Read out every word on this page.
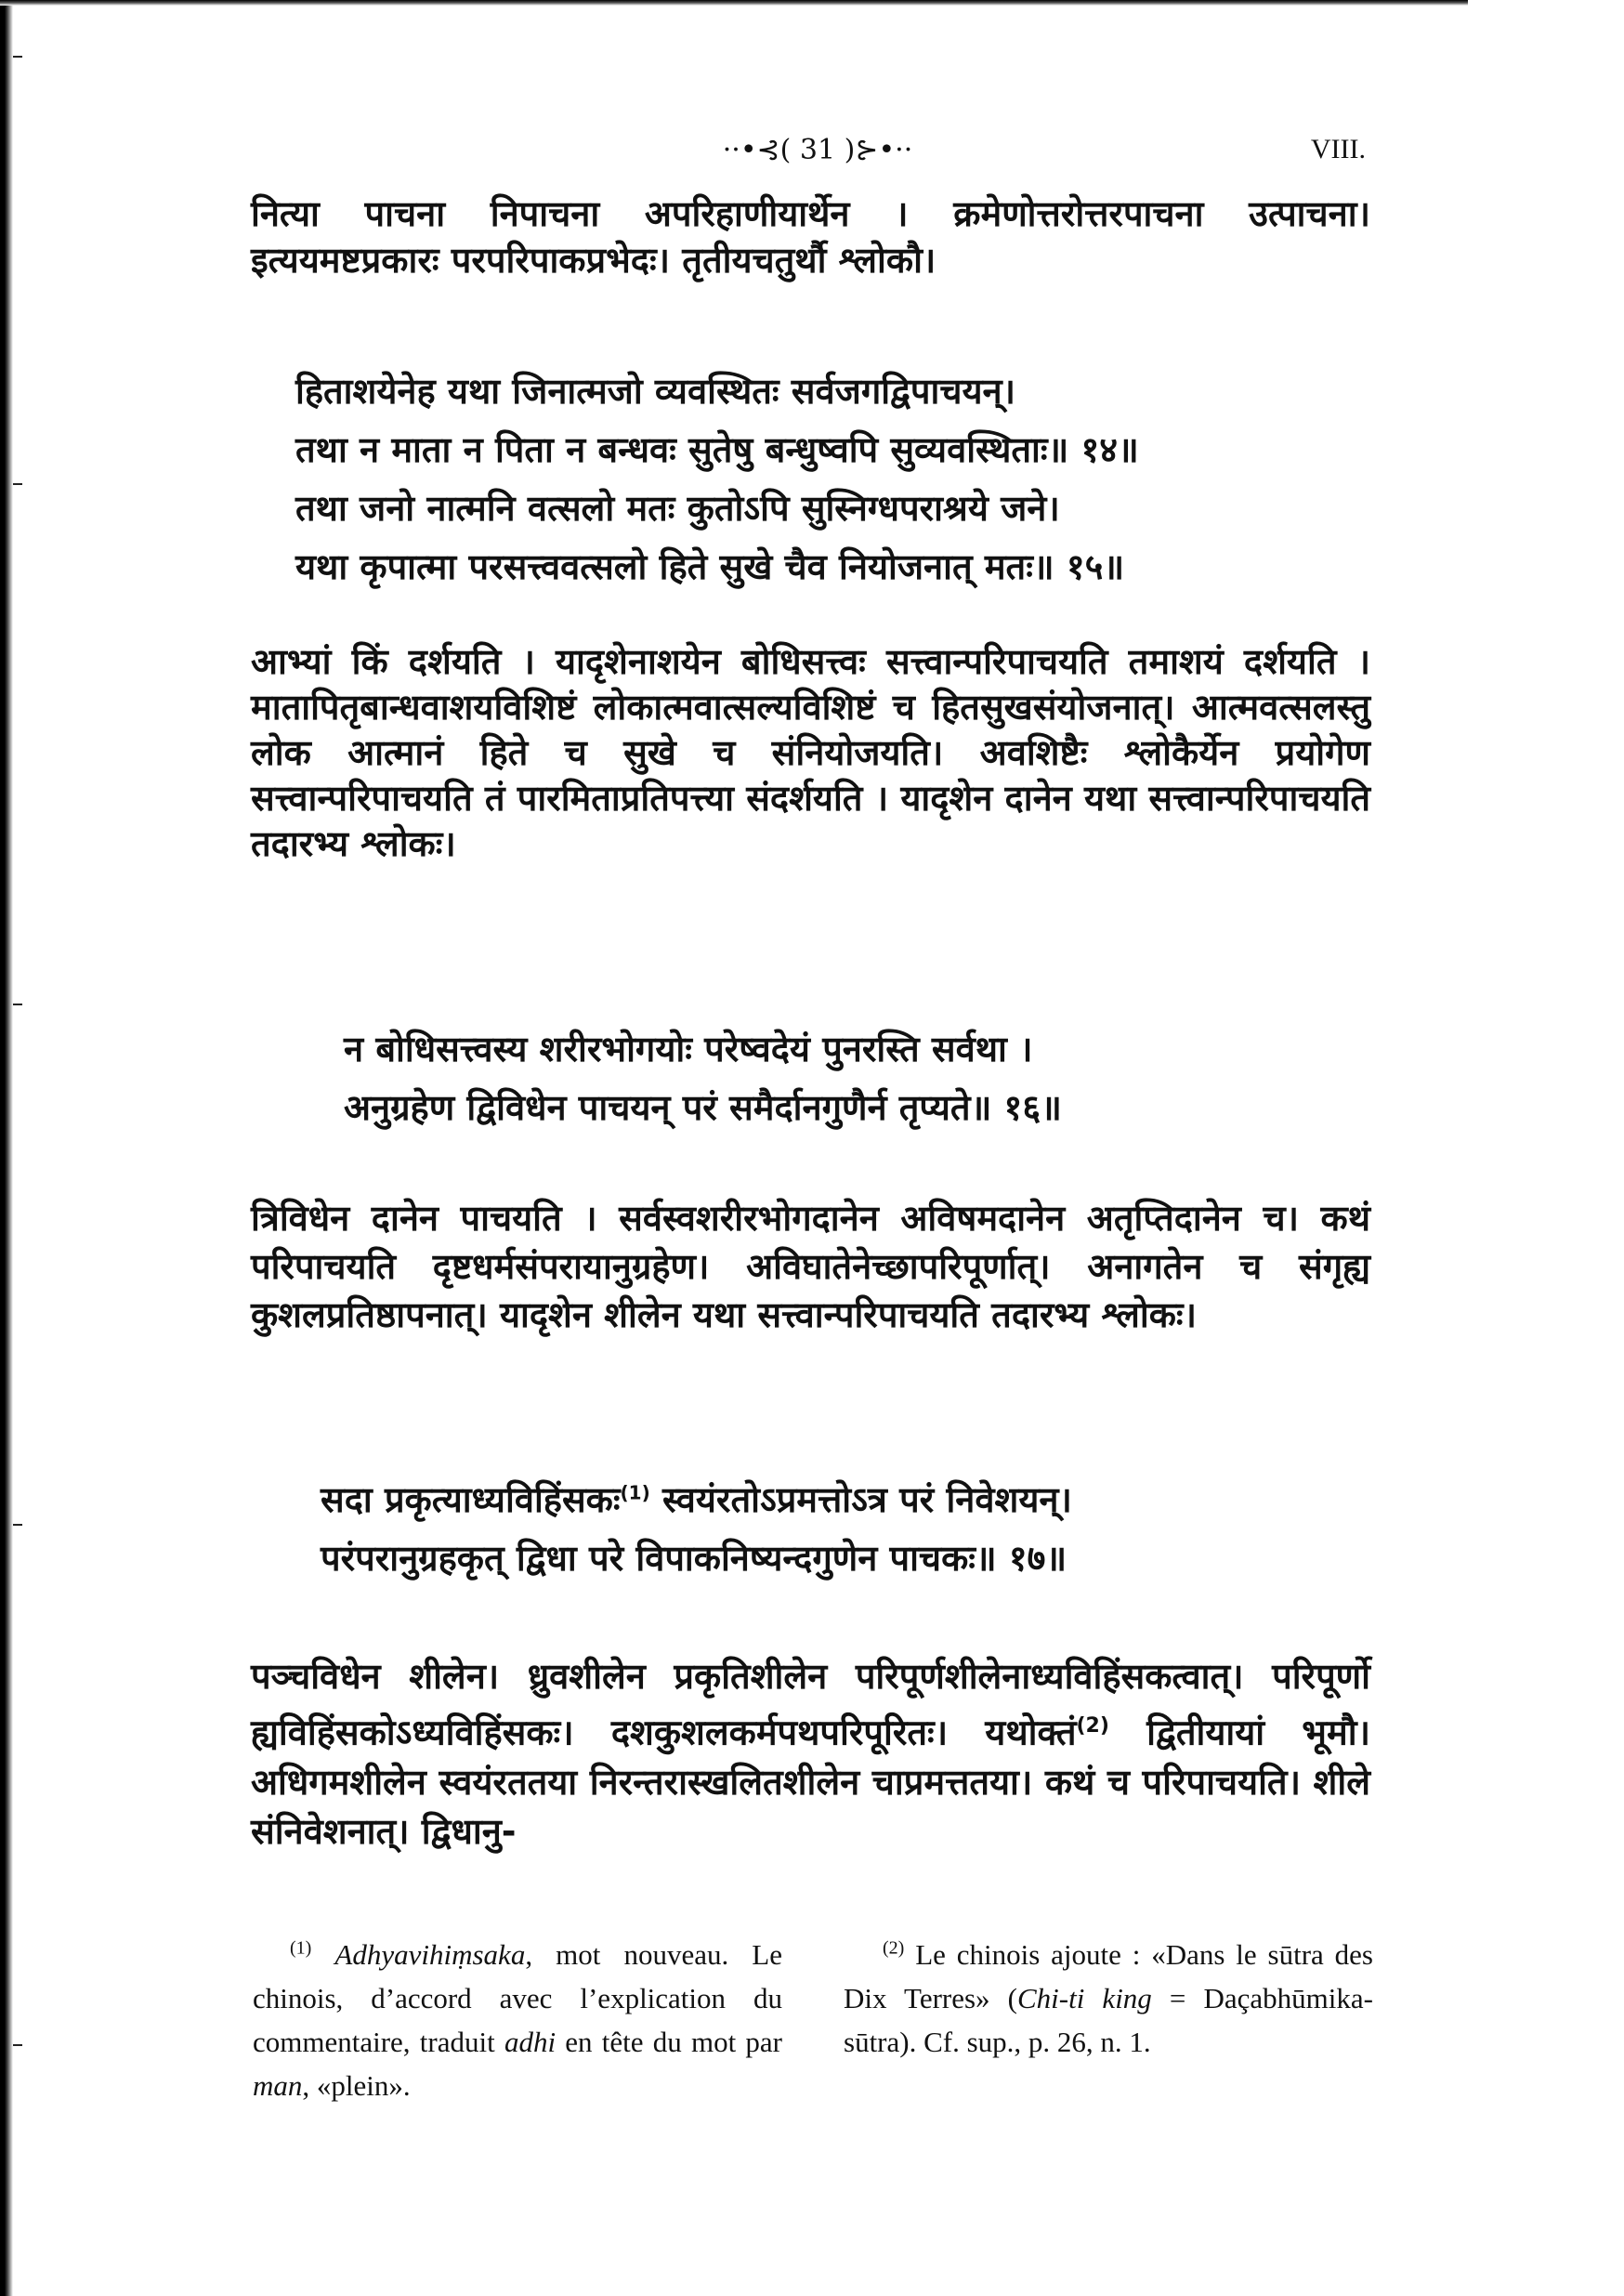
··•⊰( 31 )⊱•··	VIII.
नित्या पाचना निपाचना अपरिहाणीयार्थेन । क्रमेणोत्तरोत्तरपाचना उत्पाचना। इत्ययमष्टप्रकारः परपरिपाकप्रभेदः। तृतीयचतुर्थौ श्लोकौ।
हिताशयेनेह यथा जिनात्मजो व्यवस्थितः सर्वजगद्विपाचयन्।
तथा न माता न पिता न बन्धवः सुतेषु बन्धुष्वपि सुव्यवस्थिताः॥ १४॥
तथा जनो नात्मनि वत्सलो मतः कुतोऽपि सुस्निग्धपराश्रये जने।
यथा कृपात्मा परसत्त्ववत्सलो हिते सुखे चैव नियोजनात् मतः॥ १५॥
आभ्यां किं दर्शयति । यादृशेनाशयेन बोधिसत्त्वः सत्त्वान्परिपाचयति तमाशयं दर्शयति । मातापितृबान्धवाशयविशिष्टं लोकात्मवात्सल्यविशिष्टं च हितसुखसंयोजनात्। आत्मवत्सलस्तु लोक आत्मानं हिते च सुखे च संनियोजयति। अवशिष्टैः श्लोकैर्येन प्रयोगेण सत्त्वान्परिपाचयति तं पारमिताप्रतिपत्त्या संदर्शयति । यादृशेन दानेन यथा सत्त्वान्परिपाचयति तदारभ्य श्लोकः।
न बोधिसत्त्वस्य शरीरभोगयोः परेष्वदेयं पुनरस्ति सर्वथा ।
अनुग्रहेण द्विविधेन पाचयन् परं समैर्दानगुणैर्न तृप्यते॥ १६॥
त्रिविधेन दानेन पाचयति । सर्वस्वशरीरभोगदानेन अविषमदानेन अतृप्तिदानेन च। कथं परिपाचयति दृष्टधर्मसंपरायानुग्रहेण। अविघातेनेच्छापरिपूर्णात्। अनागतेन च संगृह्य कुशलप्रतिष्ठापनात्। यादृशेन शीलेन यथा सत्त्वान्परिपाचयति तदारभ्य श्लोकः।
सदा प्रकृत्याध्यविहिंसकः$^{(1)}$ स्वयंरतोऽप्रमत्तोऽत्र परं निवेशयन्।
परंपरानुग्रहकृत् द्विधा परे विपाकनिष्यन्दगुणेन पाचकः॥ १७॥
पञ्चविधेन शीलेन। ध्रुवशीलेन प्रकृतिशीलेन परिपूर्णशीलेनाध्यविहिंसकत्वात्। परिपूर्णो ह्यविहिंसकोऽध्यविहिंसकः। दशकुशलकर्मपथपरिपूरितः। यथोक्तं$^{(2)}$ द्वितीयायां भूमौ। अधिगमशीलेन स्वयंरततया निरन्तरास्खलितशीलेन चाप्रमत्ततया। कथं च परिपाचयति। शीले संनिवेशनात्। द्विधानु-
$^{(1)}$ Adhyavihiṃsaka, mot nouveau. Le chinois, d’accord avec l’explication du commentaire, traduit adhi en tête du mot par man, «plein».
$^{(2)}$ Le chinois ajoute : «Dans le sūtra des Dix Terres» (Chi-ti king = Daçabhūmika-sūtra). Cf. sup., p. 26, n. 1.
